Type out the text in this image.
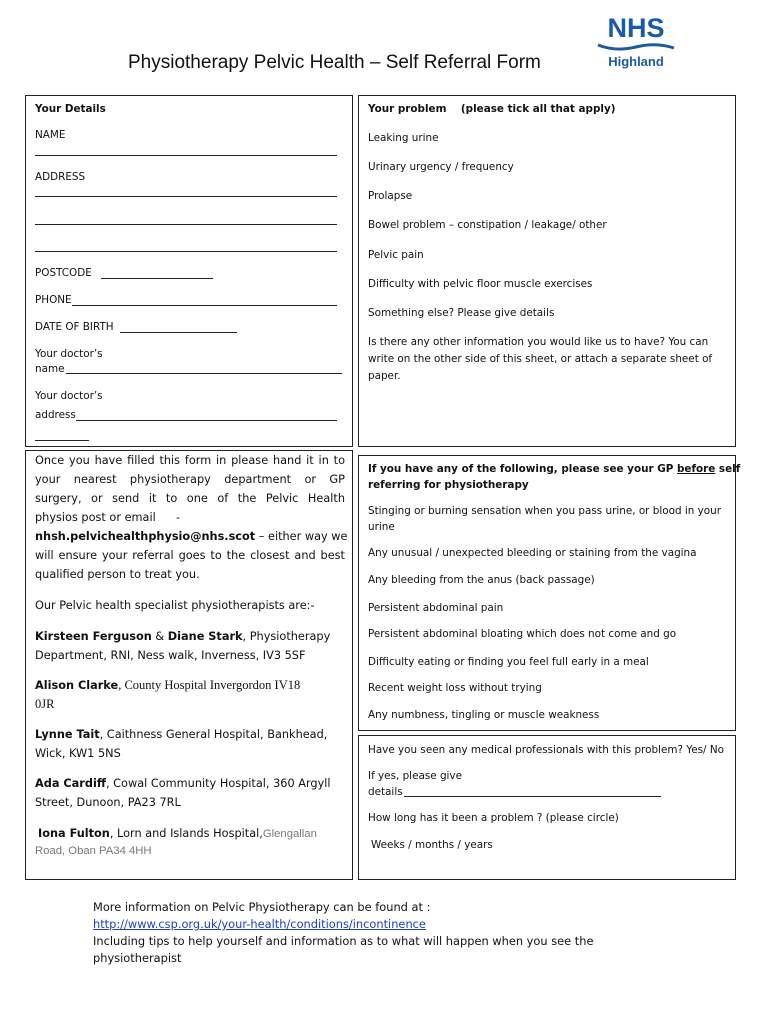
Physiotherapy Pelvic Health – Self Referral Form
NHS
Highland
Your Details
NAME
ADDRESS
POSTCODE
PHONE
DATE OF BIRTH
Your doctor’s
name
Your doctor’s
address
Your problem (please tick all that apply)
Leaking urine
Urinary urgency / frequency
Prolapse
Bowel problem – constipation / leakage/ other
Pelvic pain
Difficulty with pelvic floor muscle exercises
Something else? Please give details
Is there any other information you would like us to have? You can
write on the other side of this sheet, or attach a separate sheet of
paper.
Once you have filled this form in please hand it in to
your nearest physiotherapy department or GP
surgery, or send it to one of the Pelvic Health
physios post or email -
nhsh.pelvichealthphysio@nhs.scot – either way we
will ensure your referral goes to the closest and best
qualified person to treat you.
Our Pelvic health specialist physiotherapists are:-
Kirsteen Ferguson & Diane Stark, Physiotherapy
Department, RNI, Ness walk, Inverness, IV3 5SF
Alison Clarke, County Hospital Invergordon IV18
0JR
Lynne Tait, Caithness General Hospital, Bankhead,
Wick, KW1 5NS
Ada Cardiff, Cowal Community Hospital, 360 Argyll
Street, Dunoon, PA23 7RL
Iona Fulton, Lorn and Islands Hospital,Glengallan
Road, Oban PA34 4HH
If you have any of the following, please see your GP before self
referring for physiotherapy
Stinging or burning sensation when you pass urine, or blood in your
urine
Any unusual / unexpected bleeding or staining from the vagina
Any bleeding from the anus (back passage)
Persistent abdominal pain
Persistent abdominal bloating which does not come and go
Difficulty eating or finding you feel full early in a meal
Recent weight loss without trying
Any numbness, tingling or muscle weakness
Have you seen any medical professionals with this problem? Yes/ No
If yes, please give
details
How long has it been a problem ? (please circle)
Weeks / months / years
More information on Pelvic Physiotherapy can be found at :
http://www.csp.org.uk/your-health/conditions/incontinence
Including tips to help yourself and information as to what will happen when you see the
physiotherapist
